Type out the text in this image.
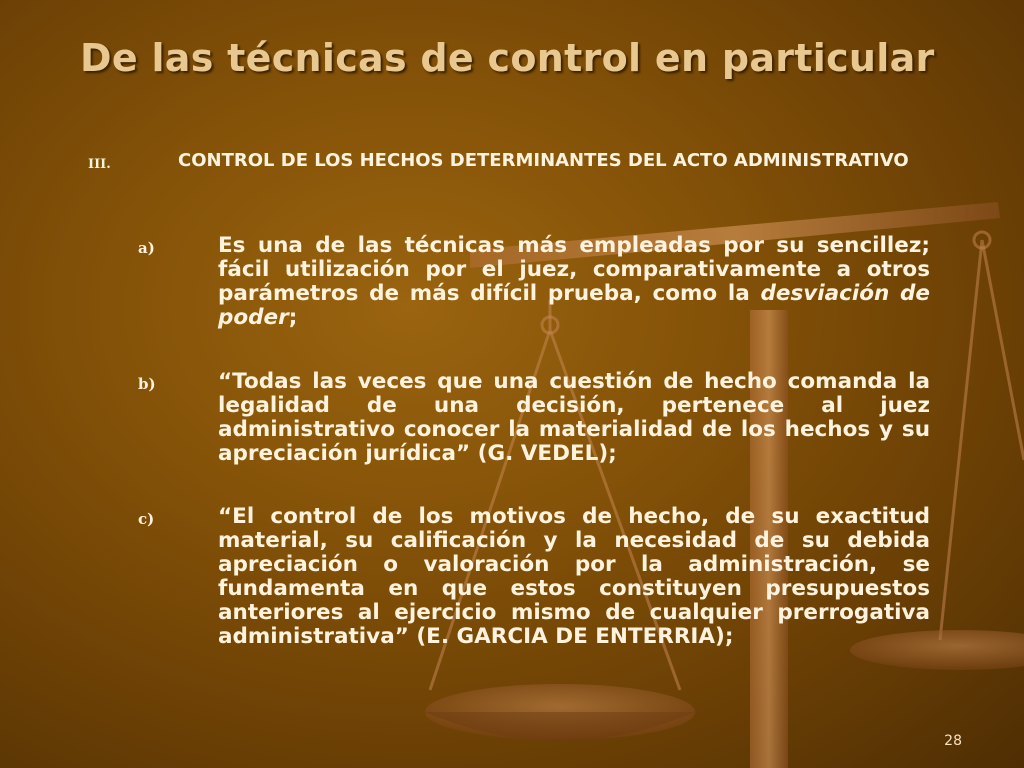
De las técnicas de control en particular
III.	CONTROL DE LOS HECHOS DETERMINANTES DEL ACTO ADMINISTRATIVO
a)	Es una de las técnicas más empleadas por su sencillez; fácil utilización por el juez, comparativamente a otros parámetros de más difícil prueba, como la desviación de poder;
b)	“Todas las veces que una cuestión de hecho comanda la legalidad de una decisión, pertenece al juez administrativo conocer la materialidad de los hechos y su apreciación jurídica” (G. VEDEL);
c)	“El control de los motivos de hecho, de su exactitud material, su calificación y la necesidad de su debida apreciación o valoración por la administración, se fundamenta en que estos constituyen presupuestos anteriores al ejercicio mismo de cualquier prerrogativa administrativa” (E. GARCIA DE ENTERRIA);
28
